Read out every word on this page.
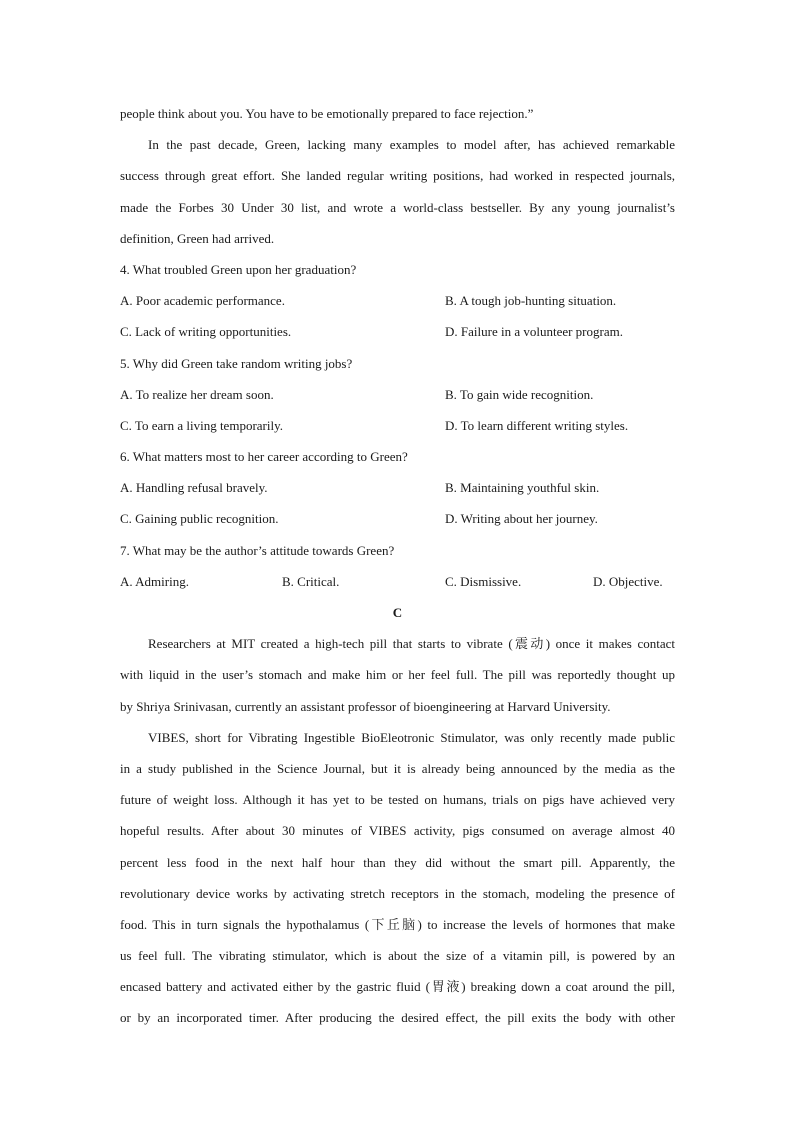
people think about you. You have to be emotionally prepared to face rejection.”
In the past decade, Green, lacking many examples to model after, has achieved remarkable
success through great effort. She landed regular writing positions, had worked in respected journals,
made the Forbes 30 Under 30 list, and wrote a world-class bestseller. By any young journalist’s
definition, Green had arrived.
4. What troubled Green upon her graduation?
A. Poor academic performance.	B. A tough job-hunting situation.
C. Lack of writing opportunities.	D. Failure in a volunteer program.
5. Why did Green take random writing jobs?
A. To realize her dream soon.	B. To gain wide recognition.
C. To earn a living temporarily.	D. To learn different writing styles.
6. What matters most to her career according to Green?
A. Handling refusal bravely.	B. Maintaining youthful skin.
C. Gaining public recognition.	D. Writing about her journey.
7. What may be the author’s attitude towards Green?
A. Admiring.	B. Critical.	C. Dismissive.	D. Objective.
C
Researchers at MIT created a high-tech pill that starts to vibrate (震动) once it makes contact
with liquid in the user’s stomach and make him or her feel full. The pill was reportedly thought up
by Shriya Srinivasan, currently an assistant professor of bioengineering at Harvard University.
VIBES, short for Vibrating Ingestible BioEleotronic Stimulator, was only recently made public
in a study published in the Science Journal, but it is already being announced by the media as the
future of weight loss. Although it has yet to be tested on humans, trials on pigs have achieved very
hopeful results. After about 30 minutes of VIBES activity, pigs consumed on average almost 40
percent less food in the next half hour than they did without the smart pill. Apparently, the
revolutionary device works by activating stretch receptors in the stomach, modeling the presence of
food. This in turn signals the hypothalamus (下丘脑) to increase the levels of hormones that make
us feel full. The vibrating stimulator, which is about the size of a vitamin pill, is powered by an
encased battery and activated either by the gastric fluid (胃液) breaking down a coat around the pill,
or by an incorporated timer. After producing the desired effect, the pill exits the body with other
